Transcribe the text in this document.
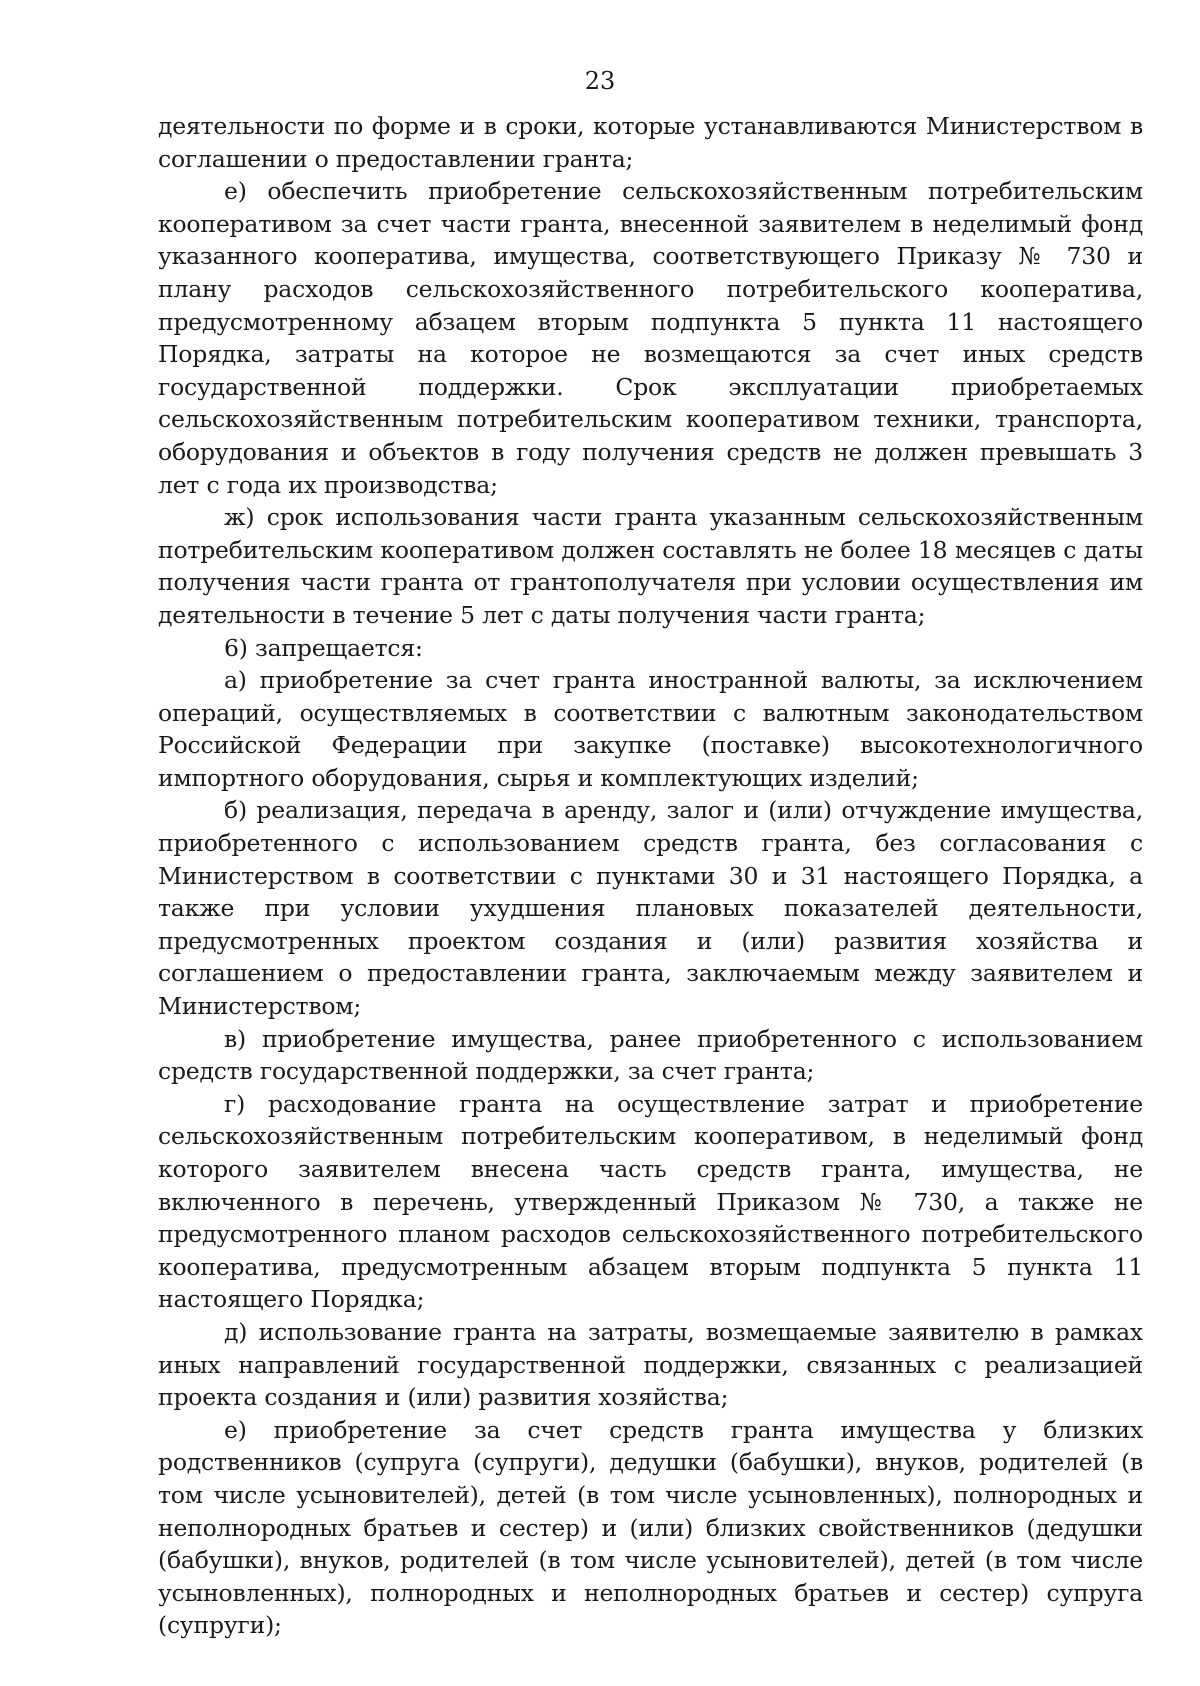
23

деятельности по форме и в сроки, которые устанавливаются Министерством в соглашении о предоставлении гранта;

е) обеспечить приобретение сельскохозяйственным потребительским кооперативом за счет части гранта, внесенной заявителем в неделимый фонд указанного кооператива, имущества, соответствующего Приказу № 730 и плану расходов сельскохозяйственного потребительского кооператива, предусмотренному абзацем вторым подпункта 5 пункта 11 настоящего Порядка, затраты на которое не возмещаются за счет иных средств государственной поддержки. Срок эксплуатации приобретаемых сельскохозяйственным потребительским кооперативом техники, транспорта, оборудования и объектов в году получения средств не должен превышать 3 лет с года их производства;

ж) срок использования части гранта указанным сельскохозяйственным потребительским кооперативом должен составлять не более 18 месяцев с даты получения части гранта от грантополучателя при условии осуществления им деятельности в течение 5 лет с даты получения части гранта;

6) запрещается:

а) приобретение за счет гранта иностранной валюты, за исключением операций, осуществляемых в соответствии с валютным законодательством Российской Федерации при закупке (поставке) высокотехнологичного импортного оборудования, сырья и комплектующих изделий;

б) реализация, передача в аренду, залог и (или) отчуждение имущества, приобретенного с использованием средств гранта, без согласования с Министерством в соответствии с пунктами 30 и 31 настоящего Порядка, а также при условии ухудшения плановых показателей деятельности, предусмотренных проектом создания и (или) развития хозяйства и соглашением о предоставлении гранта, заключаемым между заявителем и Министерством;

в) приобретение имущества, ранее приобретенного с использованием средств государственной поддержки, за счет гранта;

г) расходование гранта на осуществление затрат и приобретение сельскохозяйственным потребительским кооперативом, в неделимый фонд которого заявителем внесена часть средств гранта, имущества, не включенного в перечень, утвержденный Приказом № 730, а также не предусмотренного планом расходов сельскохозяйственного потребительского кооператива, предусмотренным абзацем вторым подпункта 5 пункта 11 настоящего Порядка;

д) использование гранта на затраты, возмещаемые заявителю в рамках иных направлений государственной поддержки, связанных с реализацией проекта создания и (или) развития хозяйства;

е) приобретение за счет средств гранта имущества у близких родственников (супруга (супруги), дедушки (бабушки), внуков, родителей (в том числе усыновителей), детей (в том числе усыновленных), полнородных и неполнородных братьев и сестер) и (или) близких свойственников (дедушки (бабушки), внуков, родителей (в том числе усыновителей), детей (в том числе усыновленных), полнородных и неполнородных братьев и сестер) супруга (супруги);
